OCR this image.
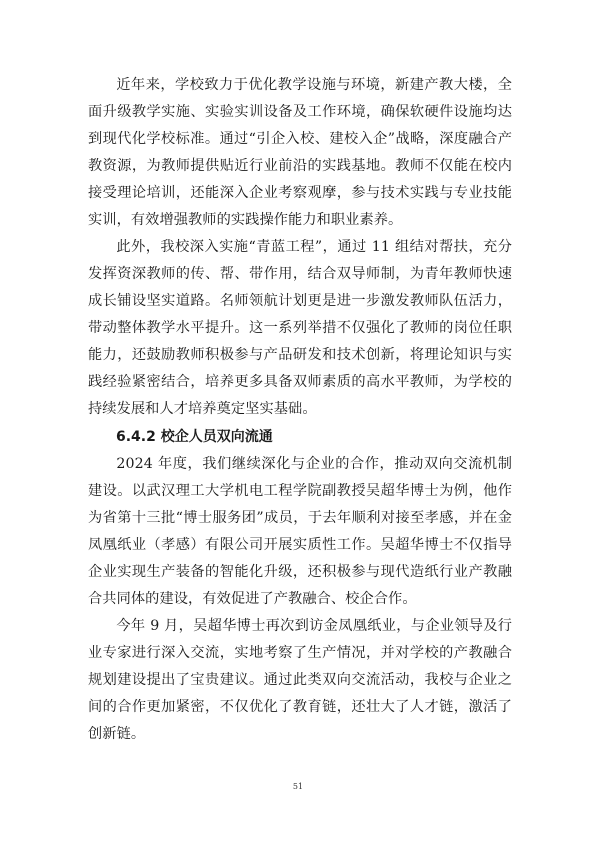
近年来，学校致力于优化教学设施与环境，新建产教大楼，全面升级教学实施、实验实训设备及工作环境，确保软硬件设施均达到现代化学校标准。通过“引企入校、建校入企”战略，深度融合产教资源，为教师提供贴近行业前沿的实践基地。教师不仅能在校内接受理论培训，还能深入企业考察观摩，参与技术实践与专业技能实训，有效增强教师的实践操作能力和职业素养。

此外，我校深入实施“青蓝工程”，通过 11 组结对帮扶，充分发挥资深教师的传、帮、带作用，结合双导师制，为青年教师快速成长铺设坚实道路。名师领航计划更是进一步激发教师队伍活力，带动整体教学水平提升。这一系列举措不仅强化了教师的岗位任职能力，还鼓励教师积极参与产品研发和技术创新，将理论知识与实践经验紧密结合，培养更多具备双师素质的高水平教师，为学校的持续发展和人才培养奠定坚实基础。

6.4.2 校企人员双向流通

2024 年度，我们继续深化与企业的合作，推动双向交流机制建设。以武汉理工大学机电工程学院副教授吴超华博士为例，他作为省第十三批“博士服务团”成员，于去年顺利对接至孝感，并在金凤凰纸业（孝感）有限公司开展实质性工作。吴超华博士不仅指导企业实现生产装备的智能化升级，还积极参与现代造纸行业产教融合共同体的建设，有效促进了产教融合、校企合作。

今年 9 月，吴超华博士再次到访金凤凰纸业，与企业领导及行业专家进行深入交流，实地考察了生产情况，并对学校的产教融合规划建设提出了宝贵建议。通过此类双向交流活动，我校与企业之间的合作更加紧密，不仅优化了教育链，还壮大了人才链，激活了创新链。

51
